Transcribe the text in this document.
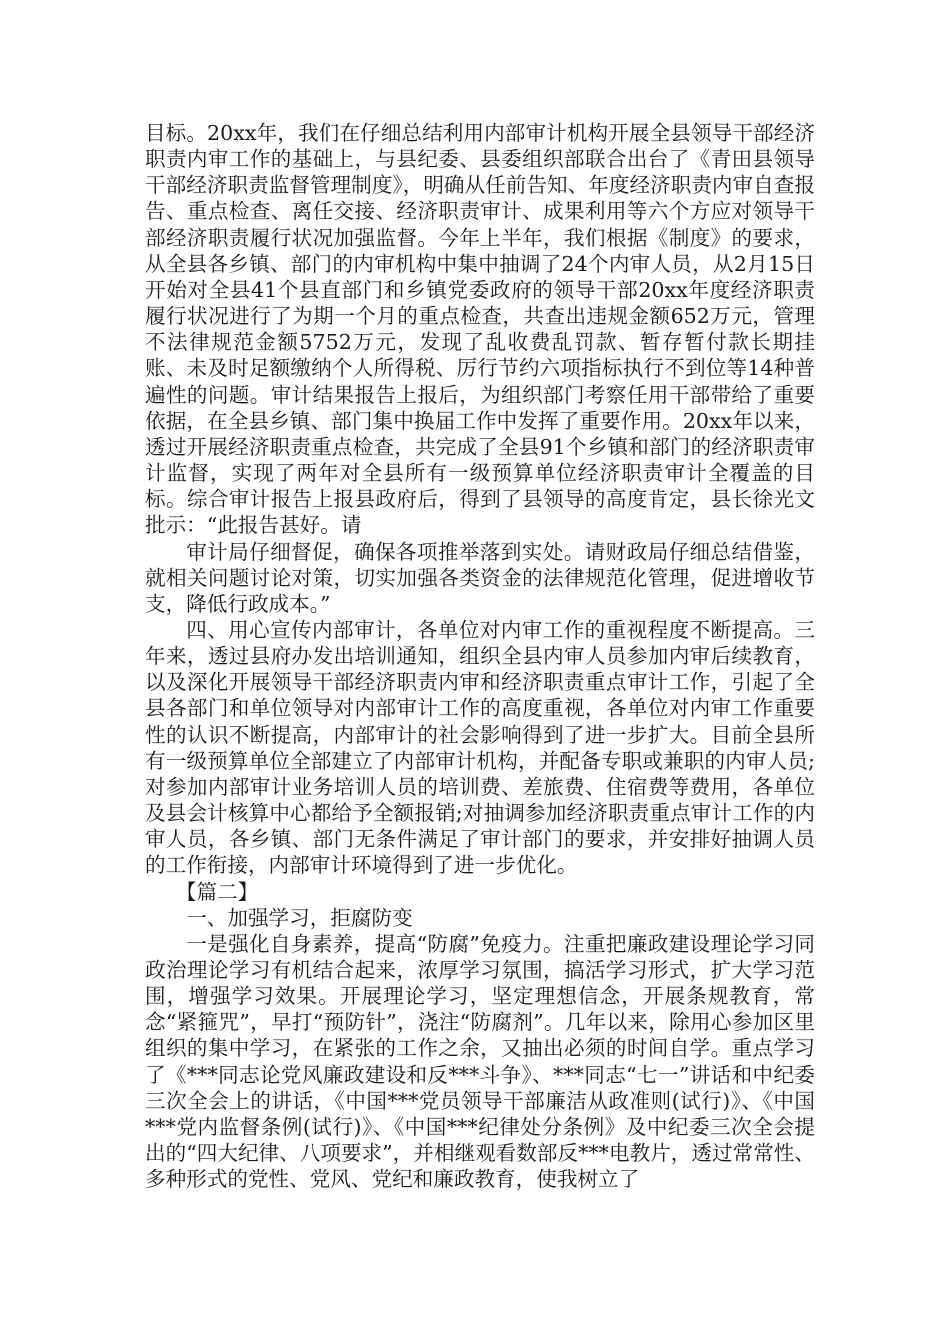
目标。20xx年，我们在仔细总结利用内部审计机构开展全县领导干部经济职责内审工作的基础上，与县纪委、县委组织部联合出台了《青田县领导干部经济职责监督管理制度》，明确从任前告知、年度经济职责内审自查报告、重点检查、离任交接、经济职责审计、成果利用等六个方应对领导干部经济职责履行状况加强监督。今年上半年，我们根据《制度》的要求，从全县各乡镇、部门的内审机构中集中抽调了24个内审人员，从2月15日开始对全县41个县直部门和乡镇党委政府的领导干部20xx年度经济职责履行状况进行了为期一个月的重点检查，共查出违规金额652万元，管理不法律规范金额5752万元，发现了乱收费乱罚款、暂存暂付款长期挂账、未及时足额缴纳个人所得税、厉行节约六项指标执行不到位等14种普遍性的问题。审计结果报告上报后，为组织部门考察任用干部带给了重要依据，在全县乡镇、部门集中换届工作中发挥了重要作用。20xx年以来，透过开展经济职责重点检查，共完成了全县91个乡镇和部门的经济职责审计监督，实现了两年对全县所有一级预算单位经济职责审计全覆盖的目标。综合审计报告上报县政府后，得到了县领导的高度肯定，县长徐光文批示：“此报告甚好。请

审计局仔细督促，确保各项推举落到实处。请财政局仔细总结借鉴，就相关问题讨论对策，切实加强各类资金的法律规范化管理，促进增收节支，降低行政成本。”

四、用心宣传内部审计，各单位对内审工作的重视程度不断提高。三年来，透过县府办发出培训通知，组织全县内审人员参加内审后续教育，以及深化开展领导干部经济职责内审和经济职责重点审计工作，引起了全县各部门和单位领导对内部审计工作的高度重视，各单位对内审工作重要性的认识不断提高，内部审计的社会影响得到了进一步扩大。目前全县所有一级预算单位全部建立了内部审计机构，并配备专职或兼职的内审人员;对参加内部审计业务培训人员的培训费、差旅费、住宿费等费用，各单位及县会计核算中心都给予全额报销;对抽调参加经济职责重点审计工作的内审人员，各乡镇、部门无条件满足了审计部门的要求，并安排好抽调人员的工作衔接，内部审计环境得到了进一步优化。

【篇二】

一、加强学习，拒腐防变

一是强化自身素养，提高“防腐”免疫力。注重把廉政建设理论学习同政治理论学习有机结合起来，浓厚学习氛围，搞活学习形式，扩大学习范围，增强学习效果。开展理论学习，坚定理想信念，开展条规教育，常念“紧箍咒”，早打“预防针”，浇注“防腐剂”。几年以来，除用心参加区里组织的集中学习，在紧张的工作之余，又抽出必须的时间自学。重点学习了《***同志论党风廉政建设和反***斗争》、***同志“七一”讲话和中纪委三次全会上的讲话，《中国***党员领导干部廉洁从政准则(试行)》、《中国***党内监督条例(试行)》、《中国***纪律处分条例》及中纪委三次全会提出的“四大纪律、八项要求”，并相继观看数部反***电教片，透过常常性、多种形式的党性、党风、党纪和廉政教育，使我树立了
